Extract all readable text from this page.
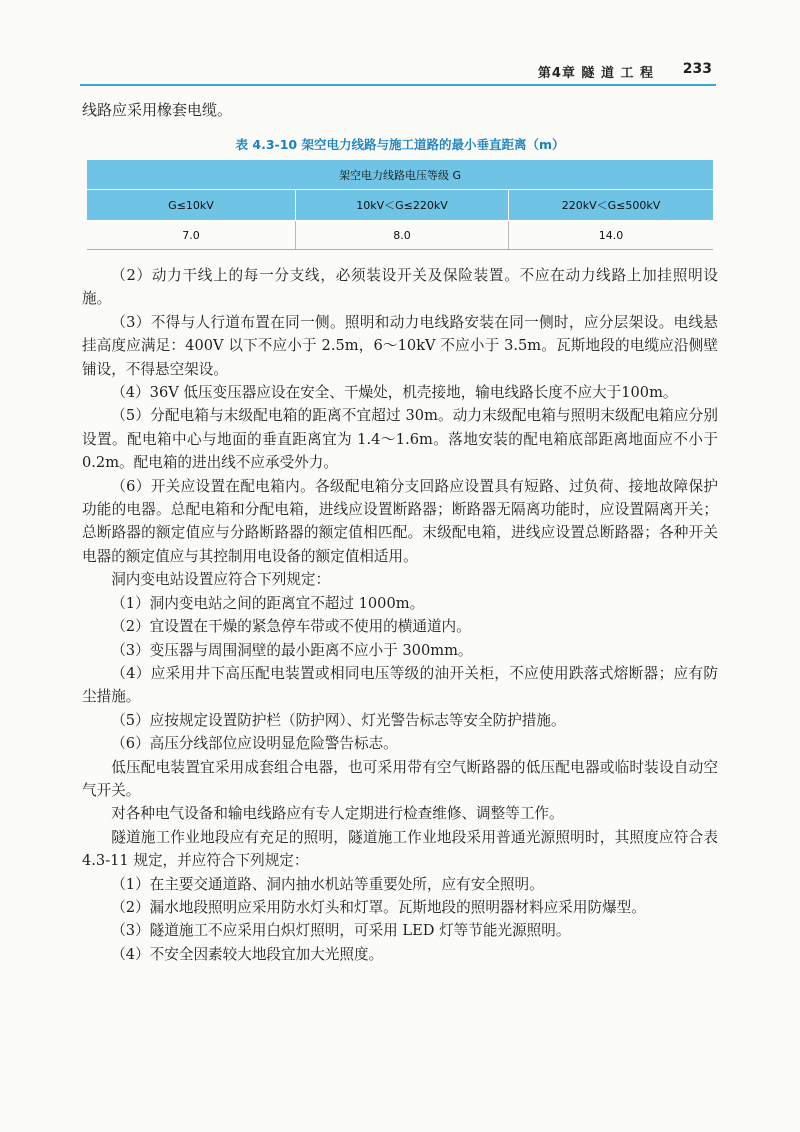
第4章 隧 道 工 程 233
线路应采用橡套电缆。
表 4.3-10 架空电力线路与施工道路的最小垂直距离（m）
架空电力线路电压等级 G		
G≤10kV	10kV＜G≤220kV	220kV＜G≤500kV
7.0	8.0	14.0

（2）动力干线上的每一分支线，必须装设开关及保险装置。不应在动力线路上加挂照明设施。

（3）不得与人行道布置在同一侧。照明和动力电线路安装在同一侧时，应分层架设。电线悬挂高度应满足：400V 以下不应小于 2.5m，6～10kV 不应小于 3.5m。瓦斯地段的电缆应沿侧壁铺设，不得悬空架设。

（4）36V 低压变压器应设在安全、干燥处，机壳接地，输电线路长度不应大于100m。

（5）分配电箱与末级配电箱的距离不宜超过 30m。动力末级配电箱与照明末级配电箱应分别设置。配电箱中心与地面的垂直距离宜为 1.4～1.6m。落地安装的配电箱底部距离地面应不小于 0.2m。配电箱的进出线不应承受外力。

（6）开关应设置在配电箱内。各级配电箱分支回路应设置具有短路、过负荷、接地故障保护功能的电器。总配电箱和分配电箱，进线应设置断路器；断路器无隔离功能时，应设置隔离开关；总断路器的额定值应与分路断路器的额定值相匹配。末级配电箱，进线应设置总断路器；各种开关电器的额定值应与其控制用电设备的额定值相适用。

洞内变电站设置应符合下列规定：

（1）洞内变电站之间的距离宜不超过 1000m。

（2）宜设置在干燥的紧急停车带或不使用的横通道内。

（3）变压器与周围洞壁的最小距离不应小于 300mm。

（4）应采用井下高压配电装置或相同电压等级的油开关柜，不应使用跌落式熔断器；应有防尘措施。

（5）应按规定设置防护栏（防护网）、灯光警告标志等安全防护措施。

（6）高压分线部位应设明显危险警告标志。

低压配电装置宜采用成套组合电器，也可采用带有空气断路器的低压配电器或临时装设自动空气开关。

对各种电气设备和输电线路应有专人定期进行检查维修、调整等工作。

隧道施工作业地段应有充足的照明，隧道施工作业地段采用普通光源照明时，其照度应符合表 4.3-11 规定，并应符合下列规定：

（1）在主要交通道路、洞内抽水机站等重要处所，应有安全照明。

（2）漏水地段照明应采用防水灯头和灯罩。瓦斯地段的照明器材料应采用防爆型。

（3）隧道施工不应采用白炽灯照明，可采用 LED 灯等节能光源照明。

（4）不安全因素较大地段宜加大光照度。
